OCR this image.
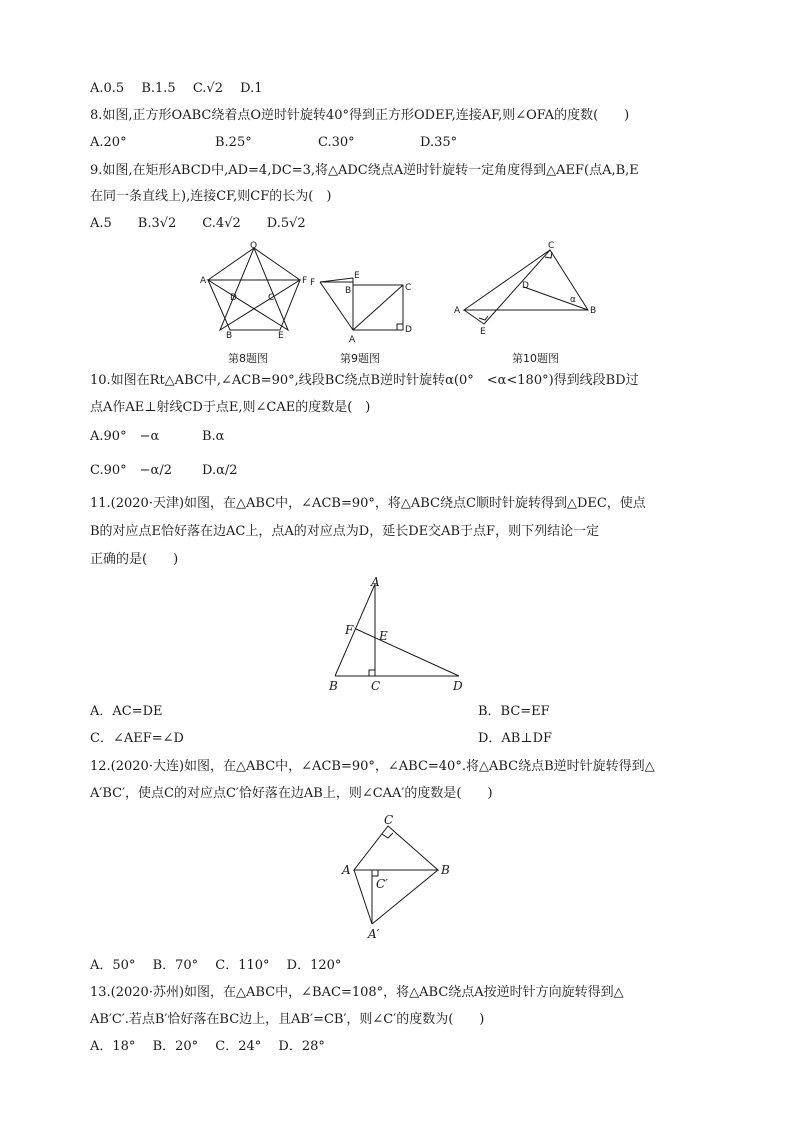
A.0.5　 B.1.5　 C.√2　 D.1
8.如图,正方形OABC绕着点O逆时针旋转40°得到正方形ODEF,连接AF,则∠OFA的度数(　　)
A.20°	B.25°	C.30°	D.35°
9.如图,在矩形ABCD中,AD=4,DC=3,将△ADC绕点A逆时针旋转一定角度得到△AEF(点A,B,E
在同一条直线上),连接CF,则CF的长为(　)
A.5　　B.3√2　　C.4√2　　D.5√2
O
A	F
D	C
B	E
第8题图
F
E
B	C
A
D
第9题图
C
D
A
E
B
α
第10题图
10.如图在Rt△ABC中,∠ACB=90°,线段BC绕点B逆时针旋转α(0°　<α<180°)得到线段BD过
点A作AE⊥射线CD于点E,则∠CAE的度数是(　)
A.90°　−α	B.α
C.90°　−α/2 D.α/2
11.(2020·天津)如图，在△ABC中，∠ACB=90°，将△ABC绕点C顺时针旋转得到△DEC，使点
B的对应点E恰好落在边AC上，点A的对应点为D，延长DE交AB于点F，则下列结论一定
正确的是(　　)
A
F E
B	C	D
A．AC=DE	B．BC=EF
C．∠AEF=∠D	D．AB⊥DF
12.(2020·大连)如图，在△ABC中，∠ACB=90°，∠ABC=40°.将△ABC绕点B逆时针旋转得到△
A′BC′，使点C的对应点C′恰好落在边AB上，则∠CAA′的度数是(　　)
C
A	B
C′
A′
A．50°　 B．70°　 C．110°　 D．120°
13.(2020·苏州)如图，在△ABC中，∠BAC=108°，将△ABC绕点A按逆时针方向旋转得到△
AB′C′.若点B′恰好落在BC边上，且AB′=CB′，则∠C′的度数为(　　)
A．18°　 B．20°　 C．24°　 D．28°
